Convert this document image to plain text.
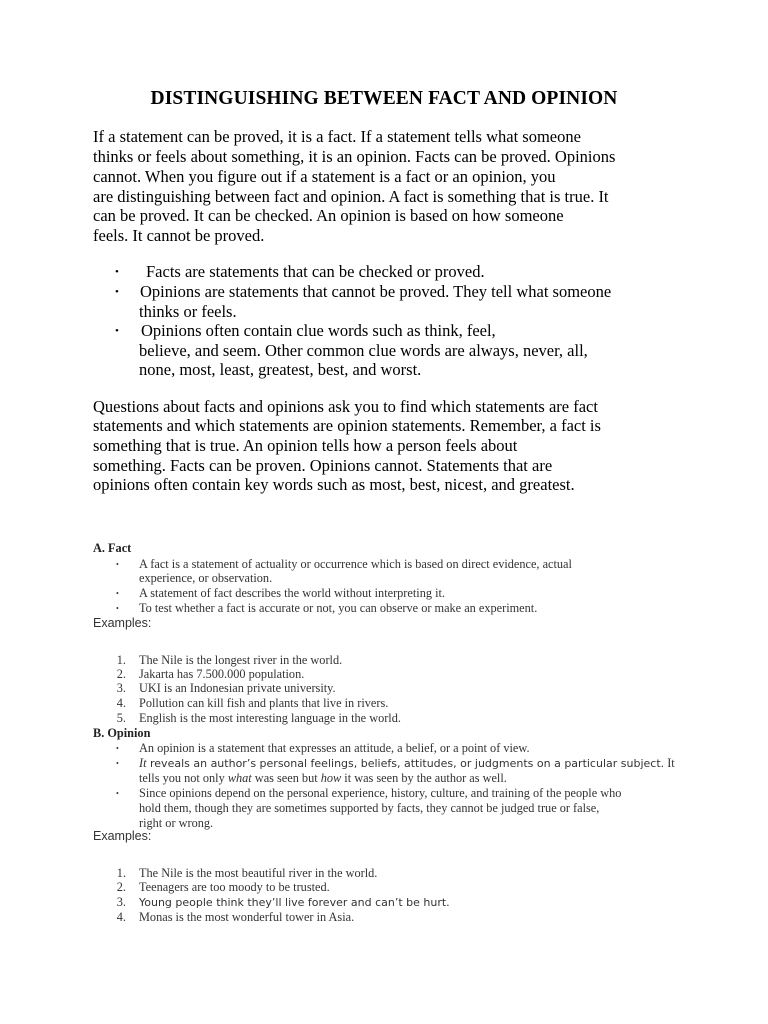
DISTINGUISHING BETWEEN FACT AND OPINION
If a statement can be proved, it is a fact. If a statement tells what someone
thinks or feels about something, it is an opinion. Facts can be proved. Opinions
cannot. When you figure out if a statement is a fact or an opinion, you
are distinguishing between fact and opinion. A fact is something that is true. It
can be proved. It can be checked. An opinion is based on how someone
feels. It cannot be proved.
• Facts are statements that can be checked or proved.
• Opinions are statements that cannot be proved. They tell what someone
thinks or feels.
• Opinions often contain clue words such as think, feel,
believe, and seem. Other common clue words are always, never, all,
none, most, least, greatest, best, and worst.
Questions about facts and opinions ask you to find which statements are fact
statements and which statements are opinion statements. Remember, a fact is
something that is true. An opinion tells how a person feels about
something. Facts can be proven. Opinions cannot. Statements that are
opinions often contain key words such as most, best, nicest, and greatest.
A. Fact
• A fact is a statement of actuality or occurrence which is based on direct evidence, actual
experience, or observation.
• A statement of fact describes the world without interpreting it.
• To test whether a fact is accurate or not, you can observe or make an experiment.
Examples:
1. The Nile is the longest river in the world.
2. Jakarta has 7.500.000 population.
3. UKI is an Indonesian private university.
4. Pollution can kill fish and plants that live in rivers.
5. English is the most interesting language in the world.
B. Opinion
• An opinion is a statement that expresses an attitude, a belief, or a point of view.
• It reveals an author’s personal feelings, beliefs, attitudes, or judgments on a particular subject. It
tells you not only what was seen but how it was seen by the author as well.
• Since opinions depend on the personal experience, history, culture, and training of the people who
hold them, though they are sometimes supported by facts, they cannot be judged true or false,
right or wrong.
Examples:
1. The Nile is the most beautiful river in the world.
2. Teenagers are too moody to be trusted.
3. Young people think they’ll live forever and can’t be hurt.
4. Monas is the most wonderful tower in Asia.
